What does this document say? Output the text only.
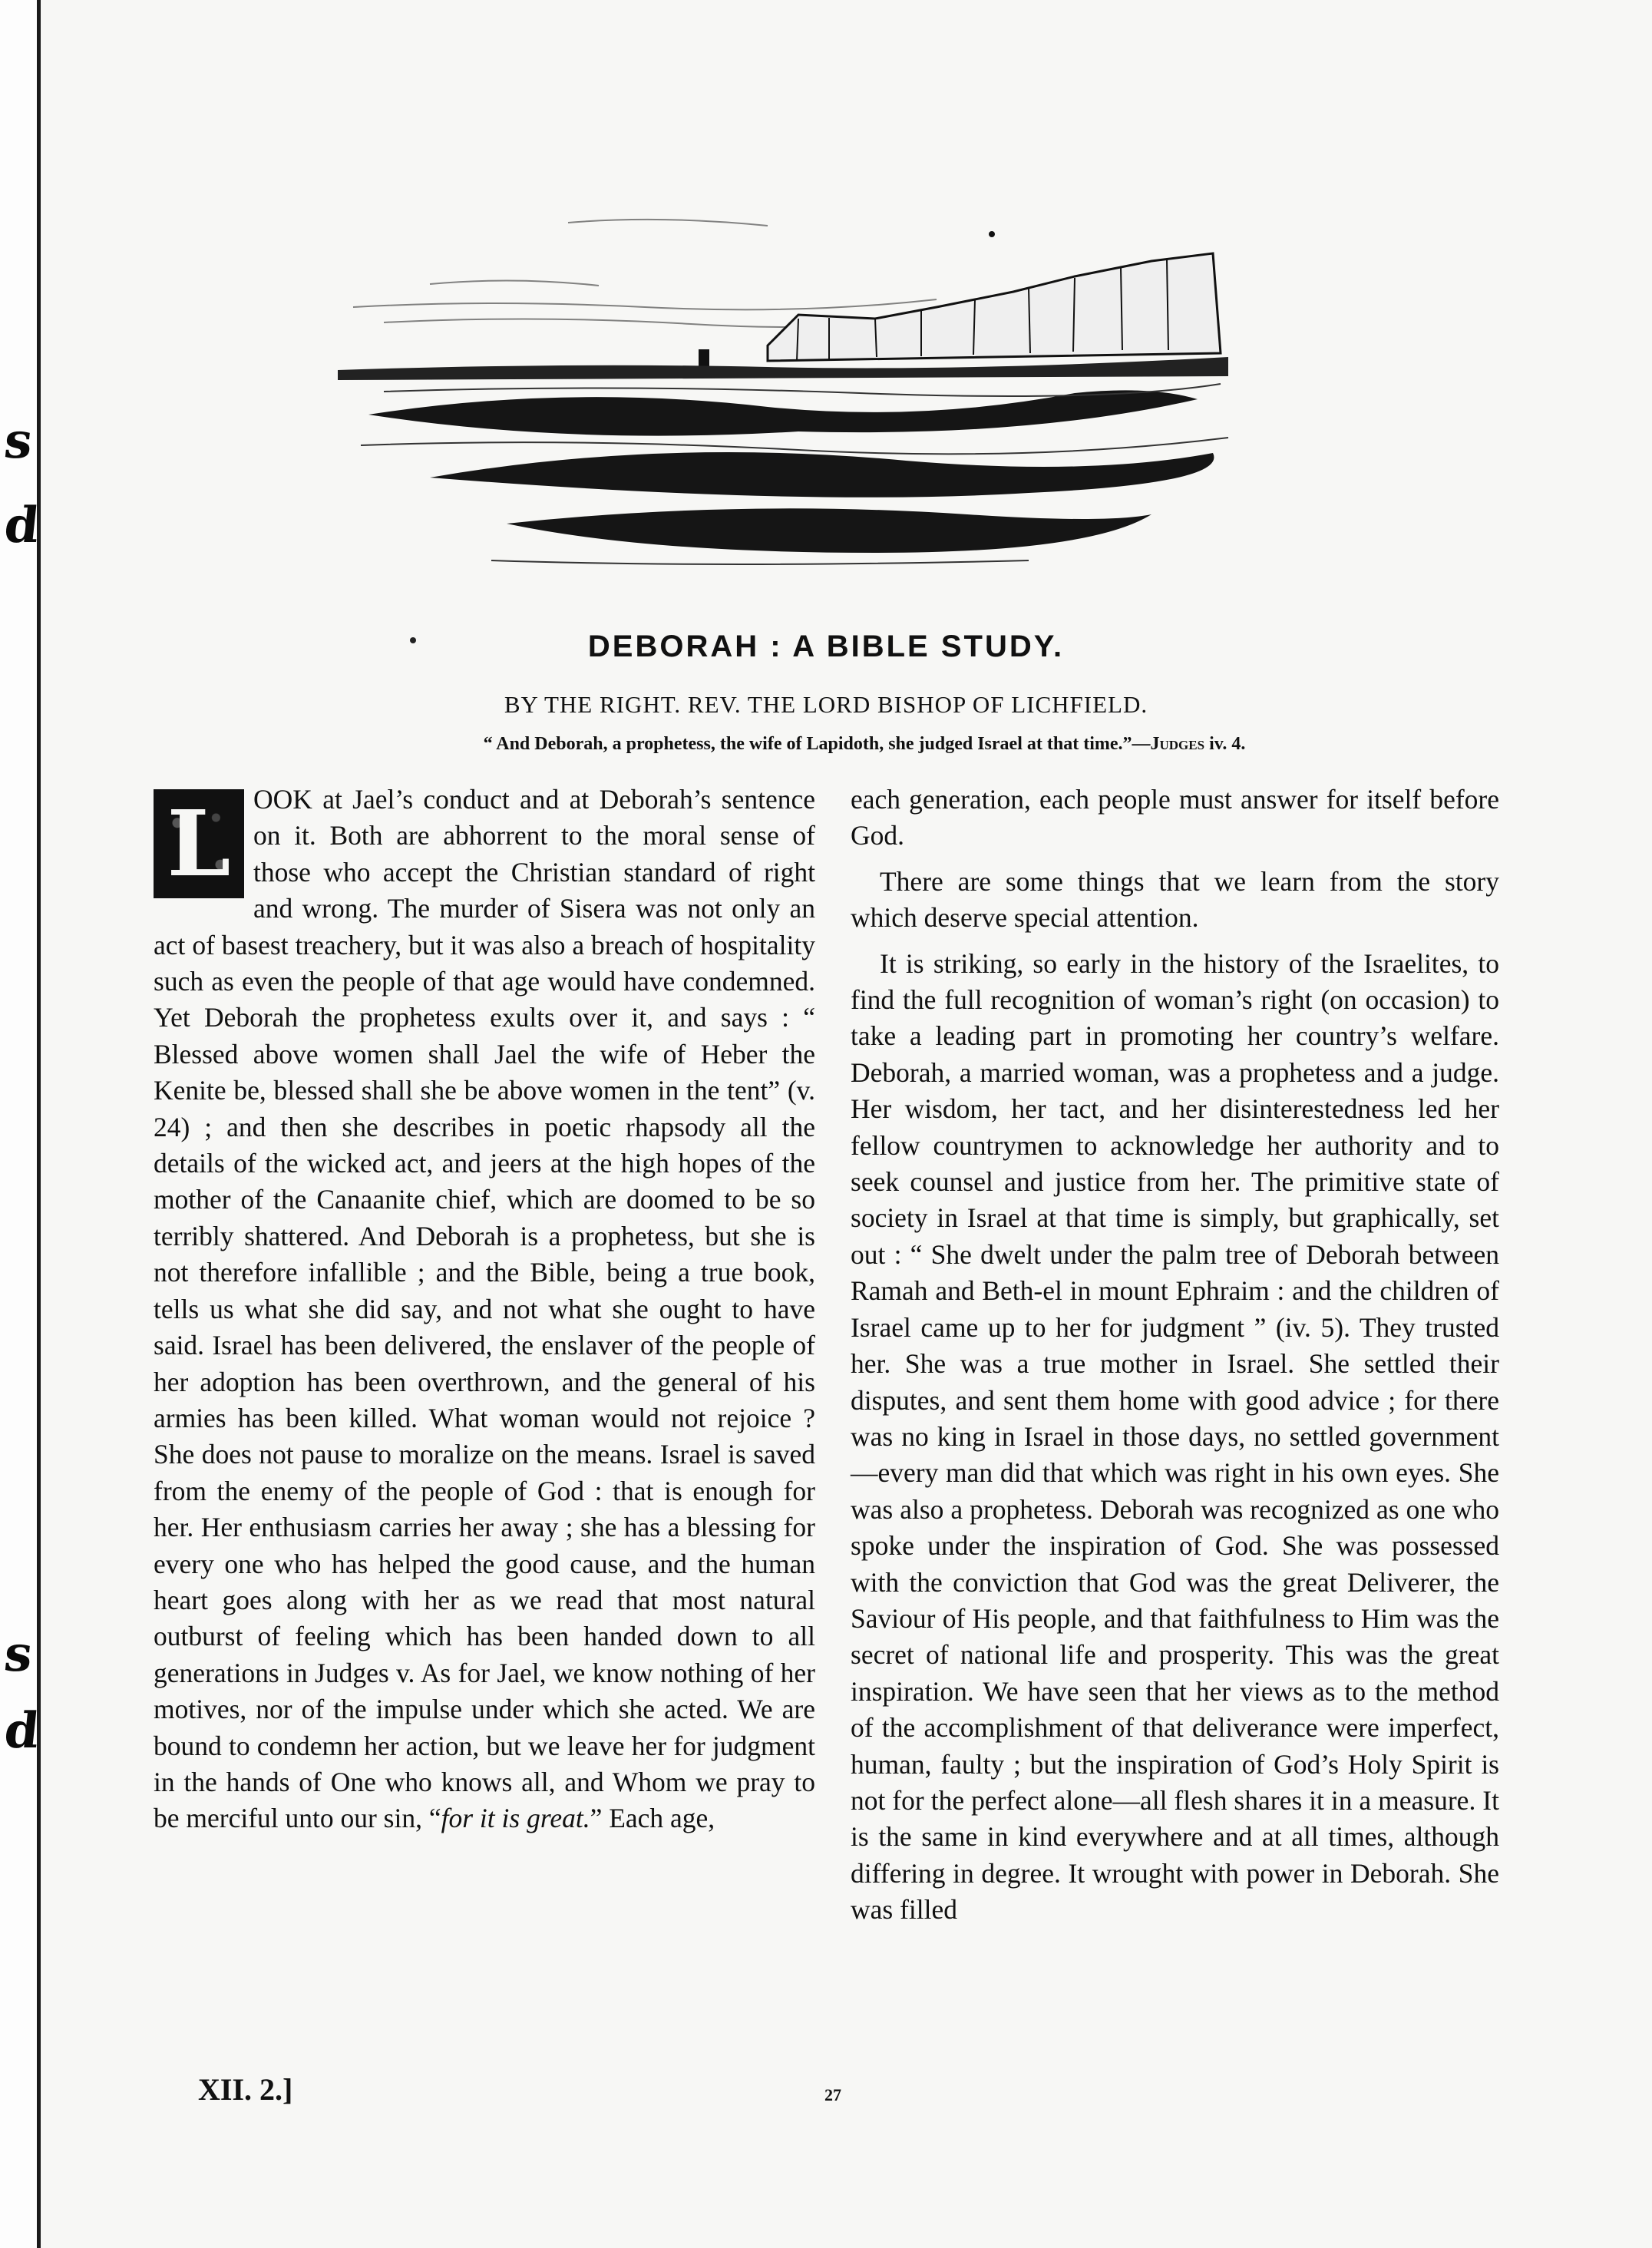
s
d
s
d
DEBORAH : A BIBLE STUDY.
BY THE RIGHT. REV. THE LORD BISHOP OF LICHFIELD.
“ And Deborah, a prophetess, the wife of Lapidoth, she judged Israel at that time.”—Judges iv. 4.
L OOK at Jael’s conduct and at Deborah’s sentence on it. Both are abhorrent to the moral sense of those who accept the Christian standard of right and wrong. The murder of Sisera was not only an act of basest treachery, but it was also a breach of hospitality such as even the people of that age would have condemned. Yet Deborah the prophetess exults over it, and says : “ Blessed above women shall Jael the wife of Heber the Kenite be, blessed shall she be above women in the tent” (v. 24) ; and then she describes in poetic rhapsody all the details of the wicked act, and jeers at the high hopes of the mother of the Canaanite chief, which are doomed to be so terribly shattered. And Deborah is a prophetess, but she is not therefore infallible ; and the Bible, being a true book, tells us what she did say, and not what she ought to have said. Israel has been delivered, the enslaver of the people of her adoption has been overthrown, and the general of his armies has been killed. What woman would not rejoice ? She does not pause to moralize on the means. Israel is saved from the enemy of the people of God : that is enough for her. Her enthusiasm carries her away ; she has a blessing for every one who has helped the good cause, and the human heart goes along with her as we read that most natural outburst of feeling which has been handed down to all generations in Judges v. As for Jael, we know nothing of her motives, nor of the impulse under which she acted. We are bound to condemn her action, but we leave her for judgment in the hands of One who knows all, and Whom we pray to be merciful unto our sin, “for it is great.” Each age,

each generation, each people must answer for itself before God.

There are some things that we learn from the story which deserve special attention.

It is striking, so early in the history of the Israelites, to find the full recognition of woman’s right (on occasion) to take a leading part in promoting her country’s welfare. Deborah, a married woman, was a prophetess and a judge. Her wisdom, her tact, and her disinterestedness led her fellow countrymen to acknowledge her authority and to seek counsel and justice from her. The primitive state of society in Israel at that time is simply, but graphically, set out : “ She dwelt under the palm tree of Deborah between Ramah and Beth-el in mount Ephraim : and the children of Israel came up to her for judgment ” (iv. 5). They trusted her. She was a true mother in Israel. She settled their disputes, and sent them home with good advice ; for there was no king in Israel in those days, no settled government—every man did that which was right in his own eyes. She was also a prophetess. Deborah was recognized as one who spoke under the inspiration of God. She was possessed with the conviction that God was the great Deliverer, the Saviour of His people, and that faithfulness to Him was the secret of national life and prosperity. This was the great inspiration. We have seen that her views as to the method of the accomplishment of that deliverance were imperfect, human, faulty ; but the inspiration of God’s Holy Spirit is not for the perfect alone—all flesh shares it in a measure. It is the same in kind everywhere and at all times, although differing in degree. It wrought with power in Deborah. She was filled

XII. 2.]	27
